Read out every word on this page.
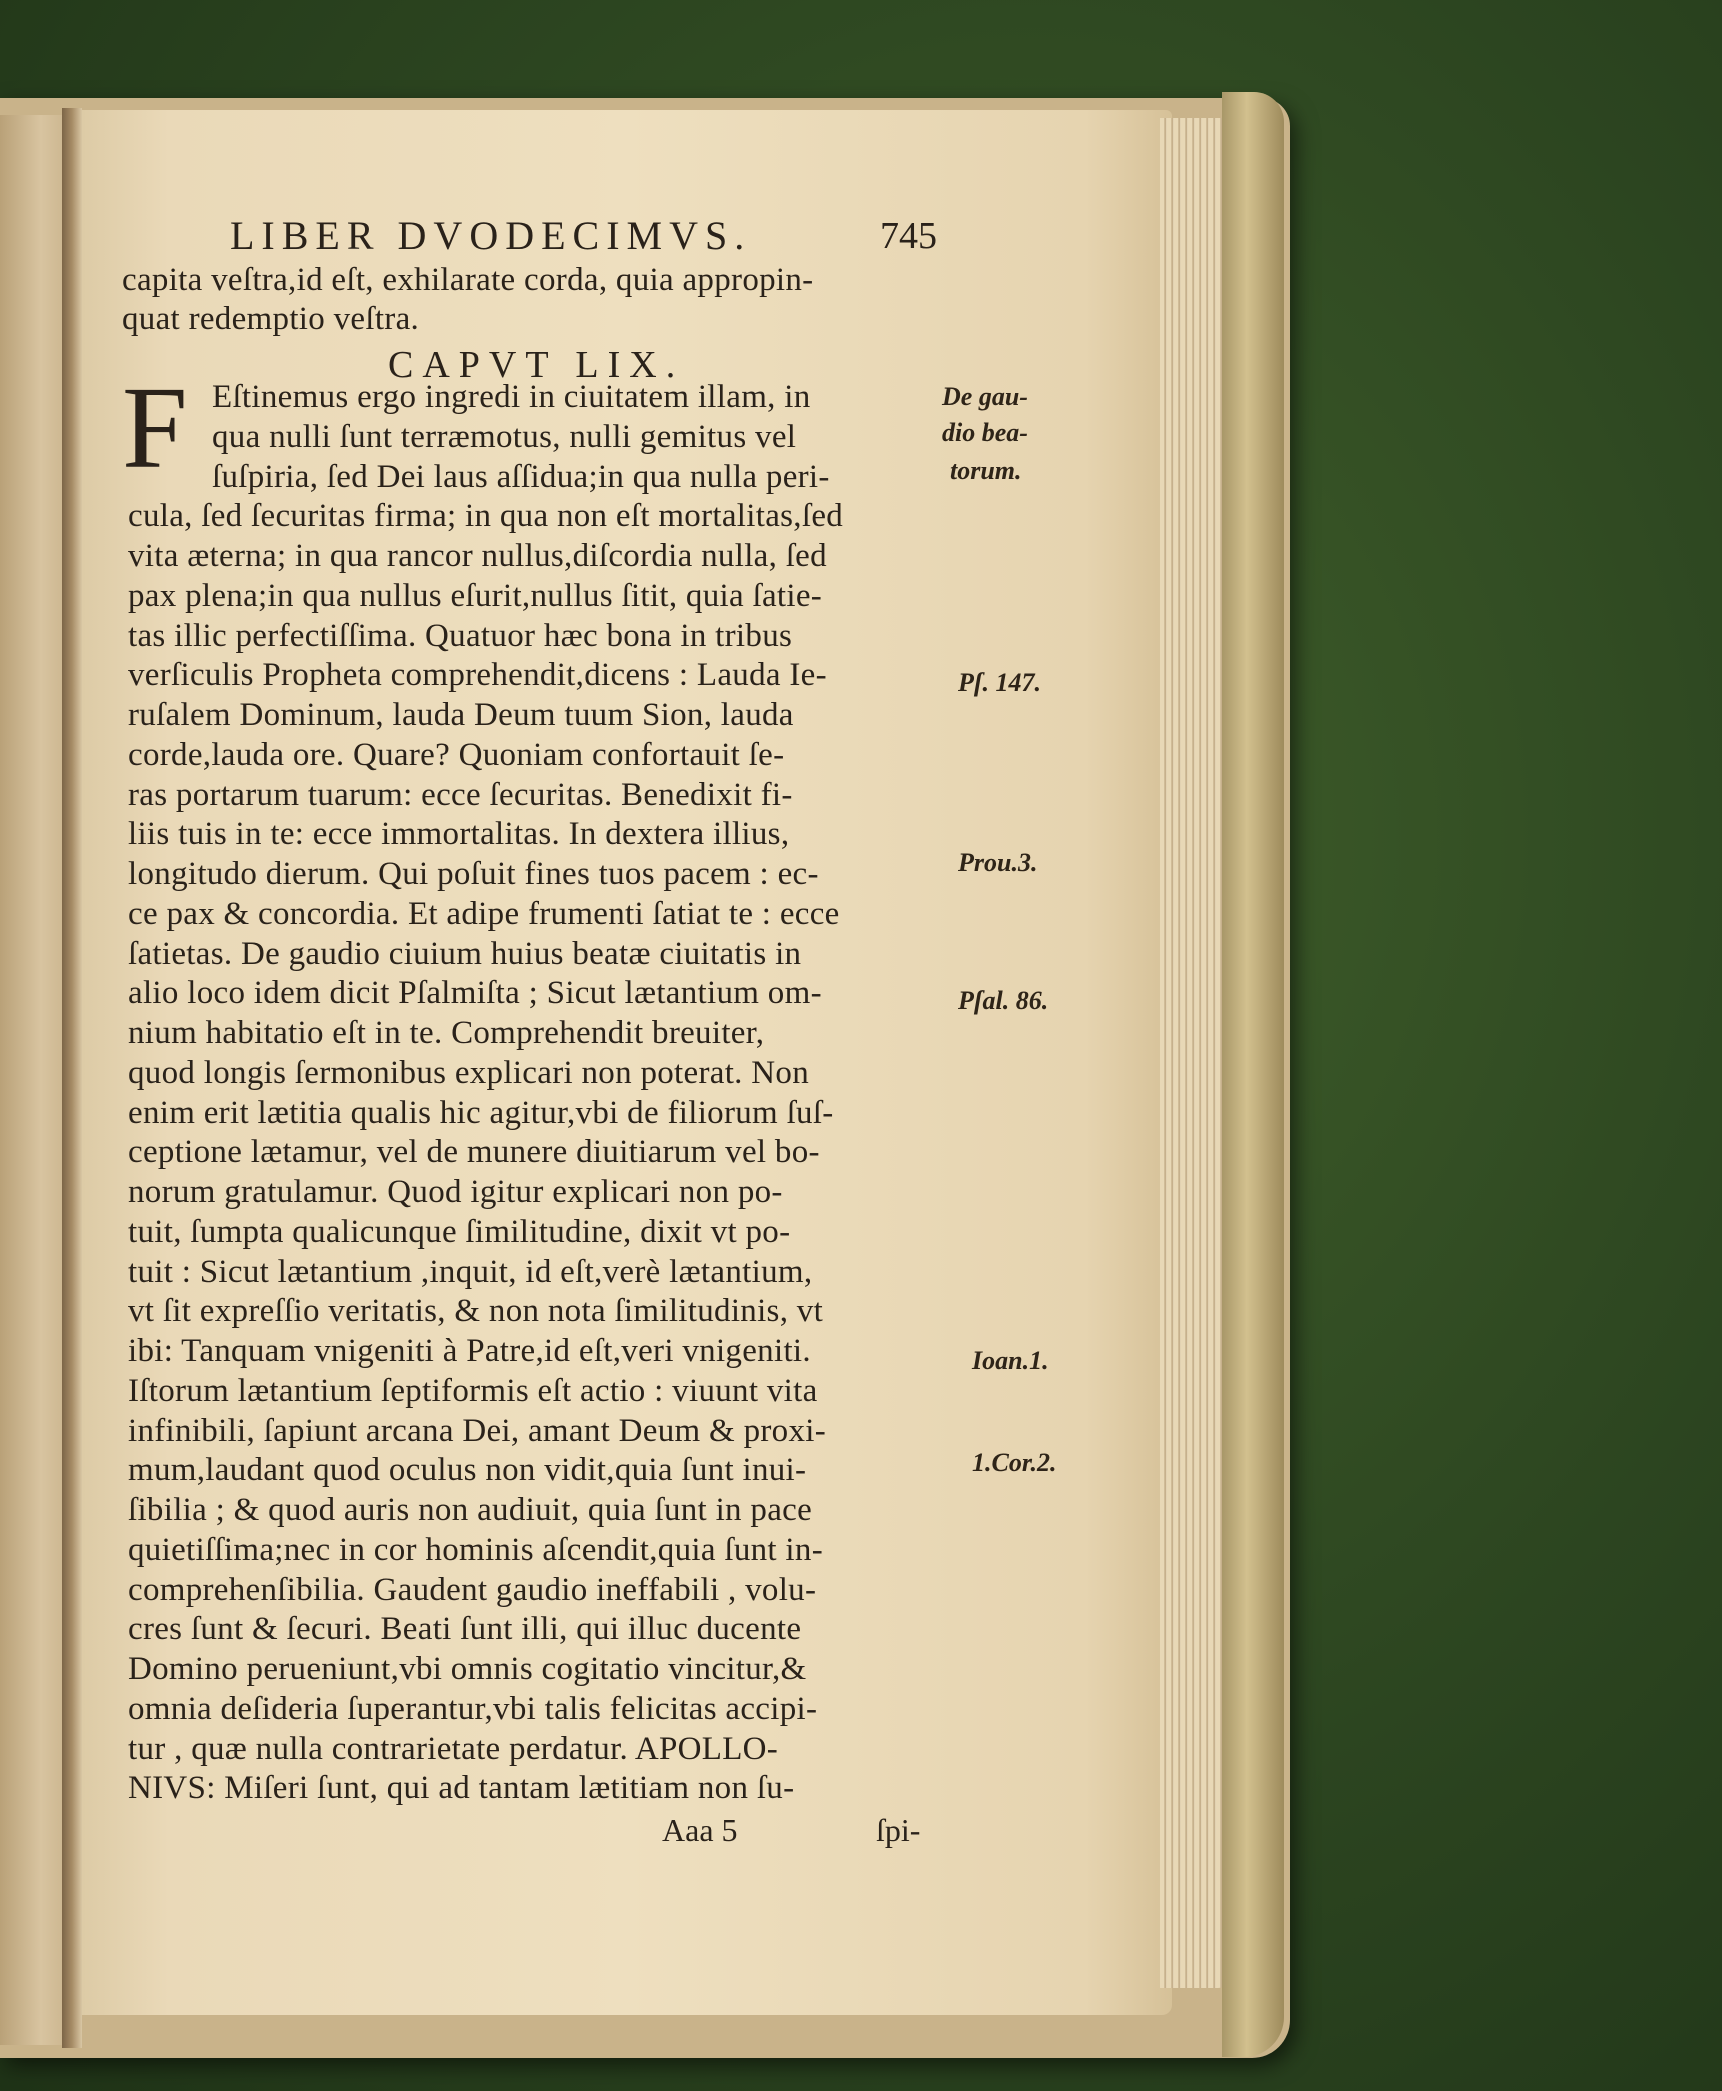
LIBER DVODECIMVS.	745
capita veſtra,id eſt, exhilarate corda, quia appropin-
quat redemptio veſtra.
CAPVT LIX.
F Eſtinemus ergo ingredi in ciuitatem illam, in
qua nulli ſunt terræmotus, nulli gemitus vel
ſuſpiria, ſed Dei laus aſſidua;in qua nulla peri-
cula, ſed ſecuritas firma; in qua non eſt mortalitas,ſed
vita æterna; in qua rancor nullus,diſcordia nulla, ſed
pax plena;in qua nullus eſurit,nullus ſitit, quia ſatie-
tas illic perfectiſſima. Quatuor hæc bona in tribus
verſiculis Propheta comprehendit,dicens : Lauda Ie-
ruſalem Dominum, lauda Deum tuum Sion, lauda
corde,lauda ore. Quare? Quoniam confortauit ſe-
ras portarum tuarum: ecce ſecuritas. Benedixit fi-
liis tuis in te: ecce immortalitas. In dextera illius,
longitudo dierum. Qui poſuit fines tuos pacem : ec-
ce pax & concordia. Et adipe frumenti ſatiat te : ecce
ſatietas. De gaudio ciuium huius beatæ ciuitatis in
alio loco idem dicit Pſalmiſta ; Sicut lætantium om-
nium habitatio eſt in te. Comprehendit breuiter,
quod longis ſermonibus explicari non poterat. Non
enim erit lætitia qualis hic agitur,vbi de filiorum ſuſ-
ceptione lætamur, vel de munere diuitiarum vel bo-
norum gratulamur. Quod igitur explicari non po-
tuit, ſumpta qualicunque ſimilitudine, dixit vt po-
tuit : Sicut lætantium ,inquit, id eſt,verè lætantium,
vt ſit expreſſio veritatis, & non nota ſimilitudinis, vt
ibi: Tanquam vnigeniti à Patre,id eſt,veri vnigeniti.
Iſtorum lætantium ſeptiformis eſt actio : viuunt vita
infinibili, ſapiunt arcana Dei, amant Deum & proxi-
mum,laudant quod oculus non vidit,quia ſunt inui-
ſibilia ; & quod auris non audiuit, quia ſunt in pace
quietiſſima;nec in cor hominis aſcendit,quia ſunt in-
comprehenſibilia. Gaudent gaudio ineffabili , volu-
cres ſunt & ſecuri. Beati ſunt illi, qui illuc ducente
Domino perueniunt,vbi omnis cogitatio vincitur,&
omnia deſideria ſuperantur,vbi talis felicitas accipi-
tur , quæ nulla contrarietate perdatur. APOLLO-
NIVS: Miſeri ſunt, qui ad tantam lætitiam non ſu-
Aaa 5	ſpi-
De gau-
dio bea-
torum.
Pſ. 147.
Prou.3.
Pſal. 86.
Ioan.1.
1.Cor.2.
